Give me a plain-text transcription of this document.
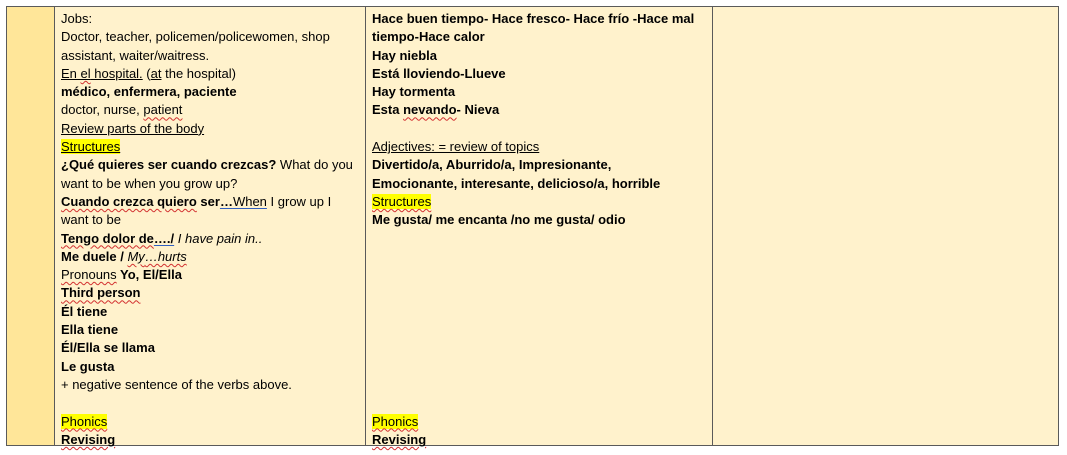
Jobs:
Doctor, teacher, policemen/policewomen, shop
assistant, waiter/waitress.
En el hospital. (at the hospital)
médico, enfermera, paciente
doctor, nurse, patient
Review parts of the body
Structures
¿Qué quieres ser cuando crezcas? What do you
want to be when you grow up?
Cuando crezca quiero ser…When I grow up I
want to be
Tengo dolor de…./ I have pain in..
Me duele / My…hurts
Pronouns Yo, El/Ella
Third person
Él tiene
Ella tiene
Él/Ella se llama
Le gusta
+ negative sentence of the verbs above.
Phonics
Revising
Hace buen tiempo- Hace fresco- Hace frío -Hace mal
tiempo-Hace calor
Hay niebla
Está lloviendo-Llueve
Hay tormenta
Esta nevando- Nieva
Adjectives: = review of topics
Divertido/a, Aburrido/a, Impresionante,
Emocionante, interesante, delicioso/a, horrible
Structures
Me gusta/ me encanta /no me gusta/ odio
Phonics
Revising
